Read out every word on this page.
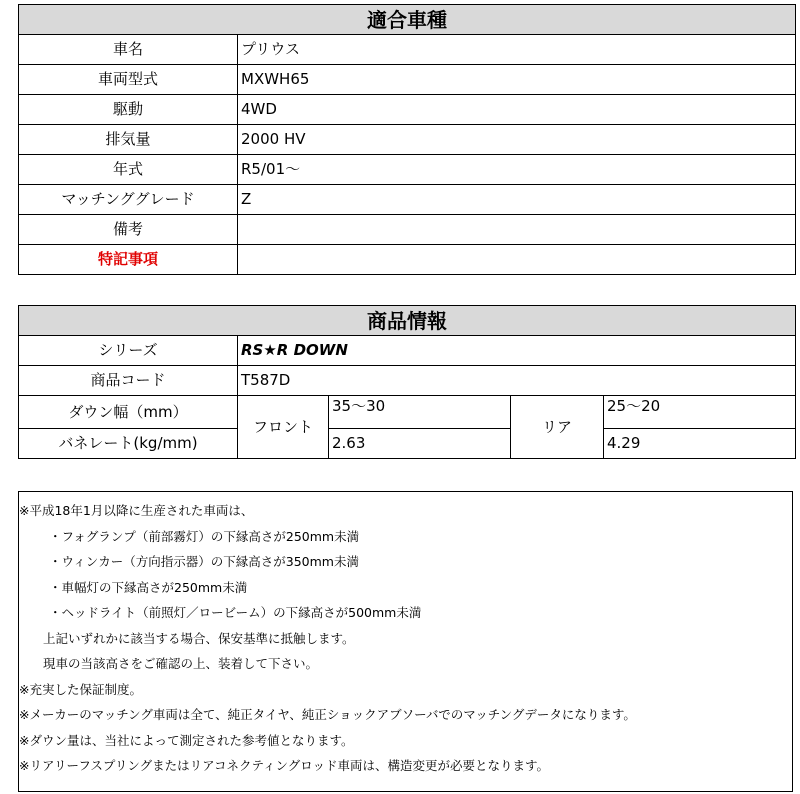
適合車種	
車名	プリウス
車両型式	MXWH65
駆動	4WD
排気量	2000 HV
年式	R5/01〜
マッチンググレード	Z
備考	
特記事項	
商品情報				
シリーズ	RS★R DOWN			
商品コード	T587D			
ダウン幅（mm）	フロント	35〜30	リア	25〜20
バネレート(kg/mm)		2.63		4.29
※平成18年1月以降に生産された車両は、
・フォグランプ（前部霧灯）の下縁高さが250mm未満
・ウィンカー（方向指示器）の下縁高さが350mm未満
・車幅灯の下縁高さが250mm未満
・ヘッドライト（前照灯／ロービーム）の下縁高さが500mm未満
上記いずれかに該当する場合、保安基準に抵触します。
現車の当該高さをご確認の上、装着して下さい。
※充実した保証制度。
※メーカーのマッチング車両は全て、純正タイヤ、純正ショックアブソーバでのマッチングデータになります。
※ダウン量は、当社によって測定された参考値となります。
※リアリーフスプリングまたはリアコネクティングロッド車両は、構造変更が必要となります。
